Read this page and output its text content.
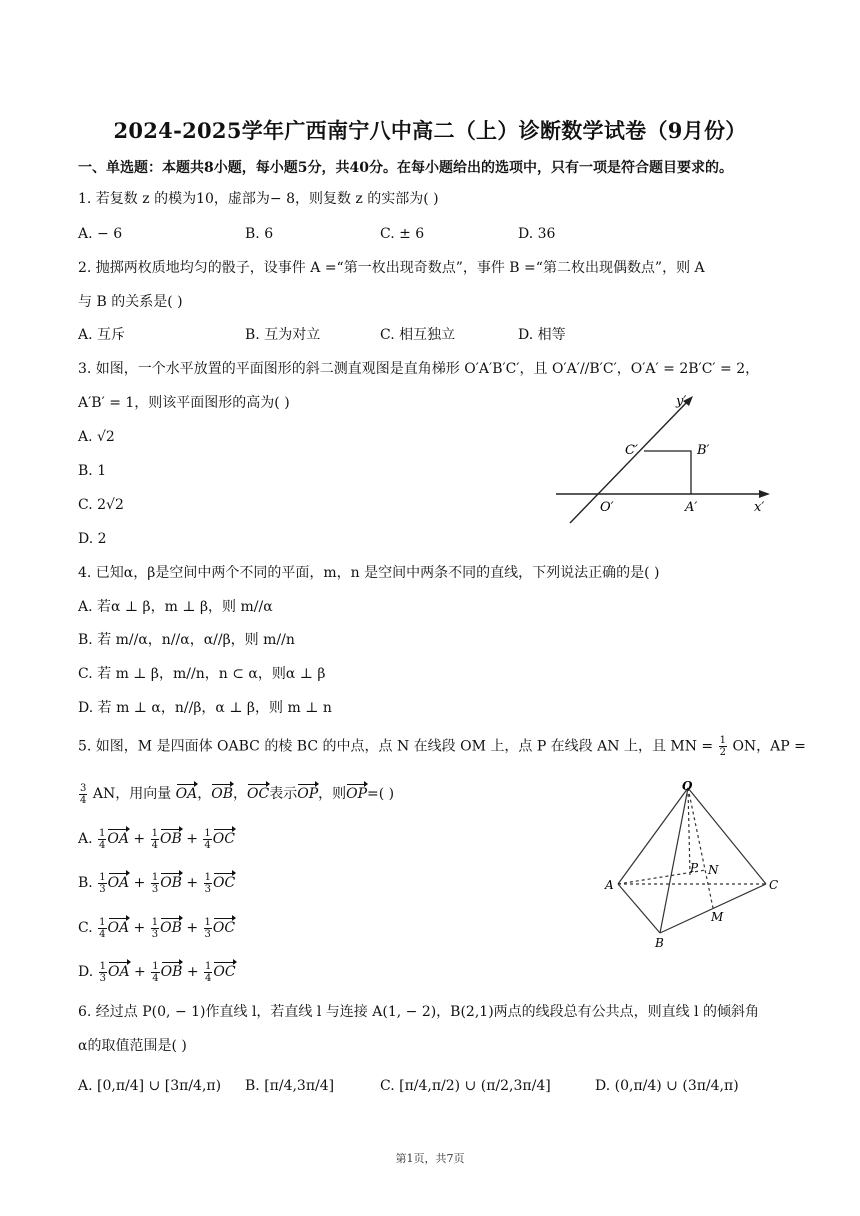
2024-2025学年广西南宁八中高二（上）诊断数学试卷（9月份）
一、单选题：本题共8小题，每小题5分，共40分。在每小题给出的选项中，只有一项是符合题目要求的。
1. 若复数 z 的模为10，虚部为− 8，则复数 z 的实部为( )
A. − 6	B. 6	C. ± 6	D. 36
2. 抛掷两枚质地均匀的骰子，设事件 A =“第一枚出现奇数点”，事件 B =“第二枚出现偶数点”，则 A
与 B 的关系是( )
A. 互斥	B. 互为对立	C. 相互独立	D. 相等
3. 如图，一个水平放置的平面图形的斜二测直观图是直角梯形 O′A′B′C′，且 O′A′//B′C′，O′A′ = 2B′C′ = 2，
A′B′ = 1，则该平面图形的高为( )
A. √2
B. 1
C. 2√2
D. 2
y′
C′	B′
O′	A′	x′
4. 已知α，β是空间中两个不同的平面，m，n 是空间中两条不同的直线，下列说法正确的是( )
A. 若α ⊥ β，m ⊥ β，则 m//α
B. 若 m//α，n//α，α//β，则 m//n
C. 若 m ⊥ β，m//n，n ⊂ α，则α ⊥ β
D. 若 m ⊥ α，n//β，α ⊥ β，则 m ⊥ n
5. 如图，M 是四面体 OABC 的棱 BC 的中点，点 N 在线段 OM 上，点 P 在线段 AN 上，且 MN = $\frac{1}{2}$ ON，AP =
$\frac{3}{4}$ AN，用向量 OA，OB，OC表示OP，则OP=( )
A. $\frac{1}{4}$ OA + $\frac{1}{4}$ OB + $\frac{1}{4}$ OC
B. $\frac{1}{3}$ OA + $\frac{1}{3}$ OB + $\frac{1}{3}$ OC
C. $\frac{1}{4}$ OA + $\frac{1}{3}$ OB + $\frac{1}{3}$ OC
D. $\frac{1}{3}$ OA + $\frac{1}{4}$ OB + $\frac{1}{4}$ OC
O
A
B
C
M
N
P
6. 经过点 P(0, − 1)作直线 l，若直线 l 与连接 A(1, − 2)，B(2,1)两点的线段总有公共点，则直线 l 的倾斜角
α的取值范围是( )
A. [0,π/4] ∪ [3π/4,π) B. [π/4,3π/4]	C. [π/4,π/2) ∪ (π/2,3π/4]	D. (0,π/4) ∪ (3π/4,π)
第1页，共7页
